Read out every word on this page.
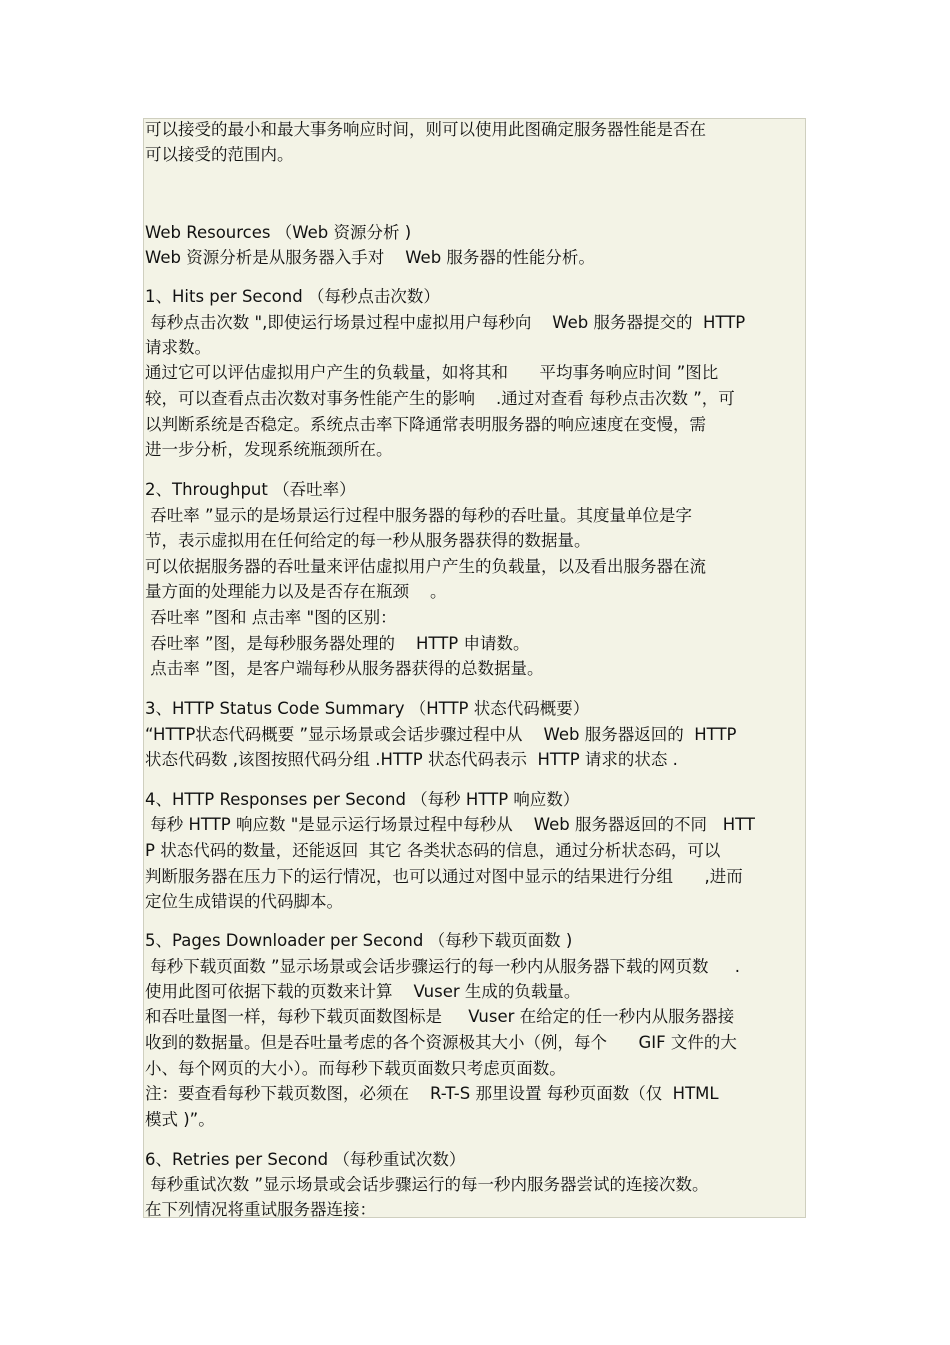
可以接受的最小和最大事务响应时间，则可以使用此图确定服务器性能是否在
可以接受的范围内。
Web Resources （Web 资源分析 )
Web 资源分析是从服务器入手对    Web 服务器的性能分析。
1、Hits per Second （每秒点击次数）
每秒点击次数 ",即使运行场景过程中虚拟用户每秒向    Web 服务器提交的  HTTP
请求数。
通过它可以评估虚拟用户产生的负载量，如将其和      平均事务响应时间 ”图比
较，可以查看点击次数对事务性能产生的影响    .通过对查看 每秒点击次数 ”，可
以判断系统是否稳定。系统点击率下降通常表明服务器的响应速度在变慢，需
进一步分析，发现系统瓶颈所在。
2、Throughput （吞吐率）
吞吐率 ”显示的是场景运行过程中服务器的每秒的吞吐量。其度量单位是字
节，表示虚拟用在任何给定的每一秒从服务器获得的数据量。
可以依据服务器的吞吐量来评估虚拟用户产生的负载量，以及看出服务器在流
量方面的处理能力以及是否存在瓶颈    。
吞吐率 ”图和 点击率 "图的区别：
吞吐率 ”图，是每秒服务器处理的    HTTP 申请数。
点击率 ”图，是客户端每秒从服务器获得的总数据量。
3、HTTP Status Code Summary （HTTP 状态代码概要）
“HTTP状态代码概要 ”显示场景或会话步骤过程中从    Web 服务器返回的  HTTP
状态代码数 ,该图按照代码分组 .HTTP 状态代码表示  HTTP 请求的状态 .
4、HTTP Responses per Second （每秒 HTTP 响应数）
每秒 HTTP 响应数 "是显示运行场景过程中每秒从    Web 服务器返回的不同   HTT
P 状态代码的数量，还能返回  其它 各类状态码的信息，通过分析状态码，可以
判断服务器在压力下的运行情况，也可以通过对图中显示的结果进行分组      ,进而
定位生成错误的代码脚本。
5、Pages Downloader per Second （每秒下载页面数 )
每秒下载页面数 ”显示场景或会话步骤运行的每一秒内从服务器下载的网页数     .
使用此图可依据下载的页数来计算    Vuser 生成的负载量。
和吞吐量图一样，每秒下载页面数图标是     Vuser 在给定的任一秒内从服务器接
收到的数据量。但是吞吐量考虑的各个资源极其大小（例，每个      GIF 文件的大
小、每个网页的大小）。而每秒下载页面数只考虑页面数。
注：要查看每秒下载页数图，必须在    R-T-S 那里设置 每秒页面数（仅  HTML
模式 )”。
6、Retries per Second （每秒重试次数）
每秒重试次数 ”显示场景或会话步骤运行的每一秒内服务器尝试的连接次数。
在下列情况将重试服务器连接：
